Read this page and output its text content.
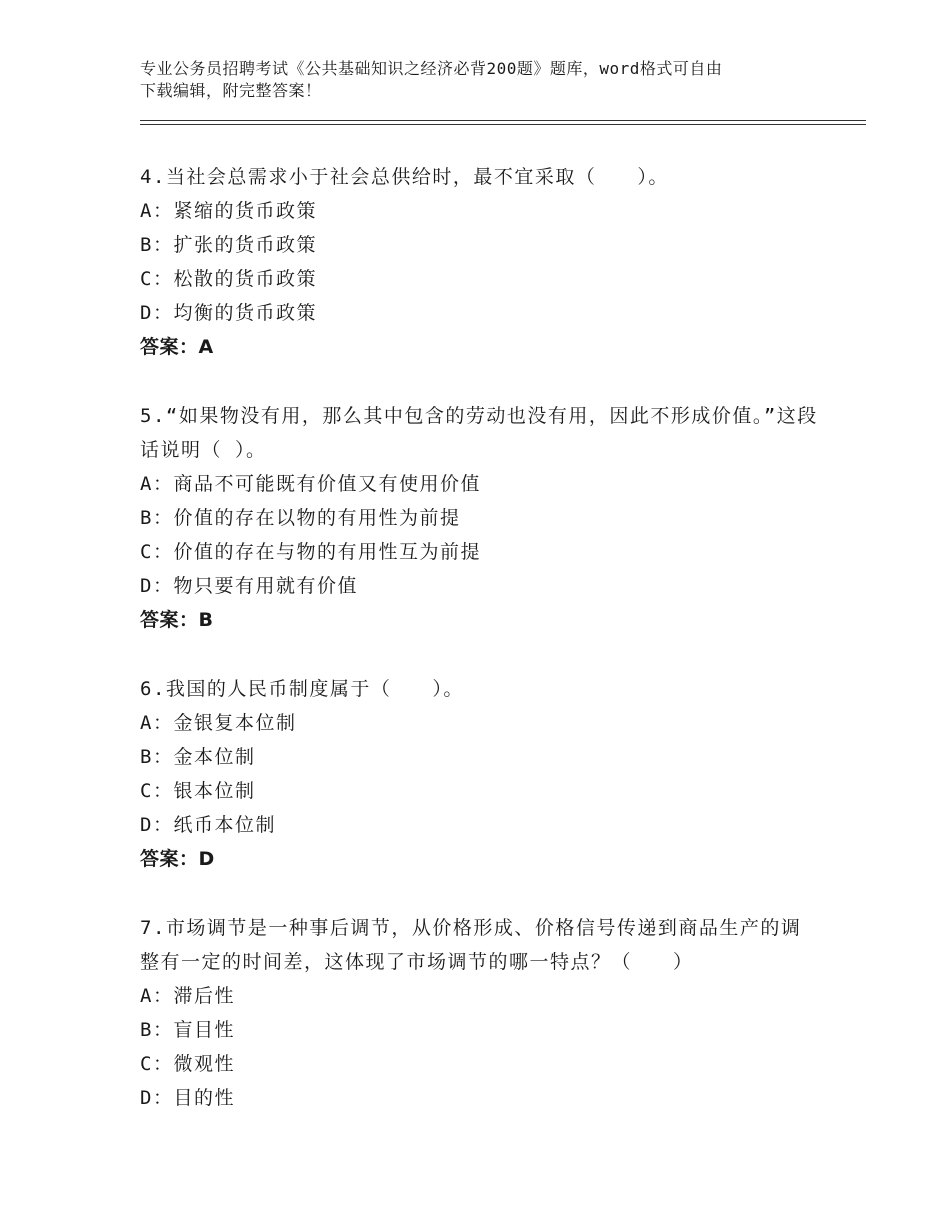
专业公务员招聘考试《公共基础知识之经济必背200题》题库，word格式可自由
下载编辑，附完整答案！
4.当社会总需求小于社会总供给时，最不宜采取（　　）。
A：紧缩的货币政策
B：扩张的货币政策
C：松散的货币政策
D：均衡的货币政策
答案：A
5.“如果物没有用，那么其中包含的劳动也没有用，因此不形成价值。”这段话说明（ ）。
A：商品不可能既有价值又有使用价值
B：价值的存在以物的有用性为前提
C：价值的存在与物的有用性互为前提
D：物只要有用就有价值
答案：B
6.我国的人民币制度属于（　　）。
A：金银复本位制
B：金本位制
C：银本位制
D：纸币本位制
答案：D
7.市场调节是一种事后调节，从价格形成、价格信号传递到商品生产的调整有一定的时间差，这体现了市场调节的哪一特点？（　　）
A：滞后性
B：盲目性
C：微观性
D：目的性
